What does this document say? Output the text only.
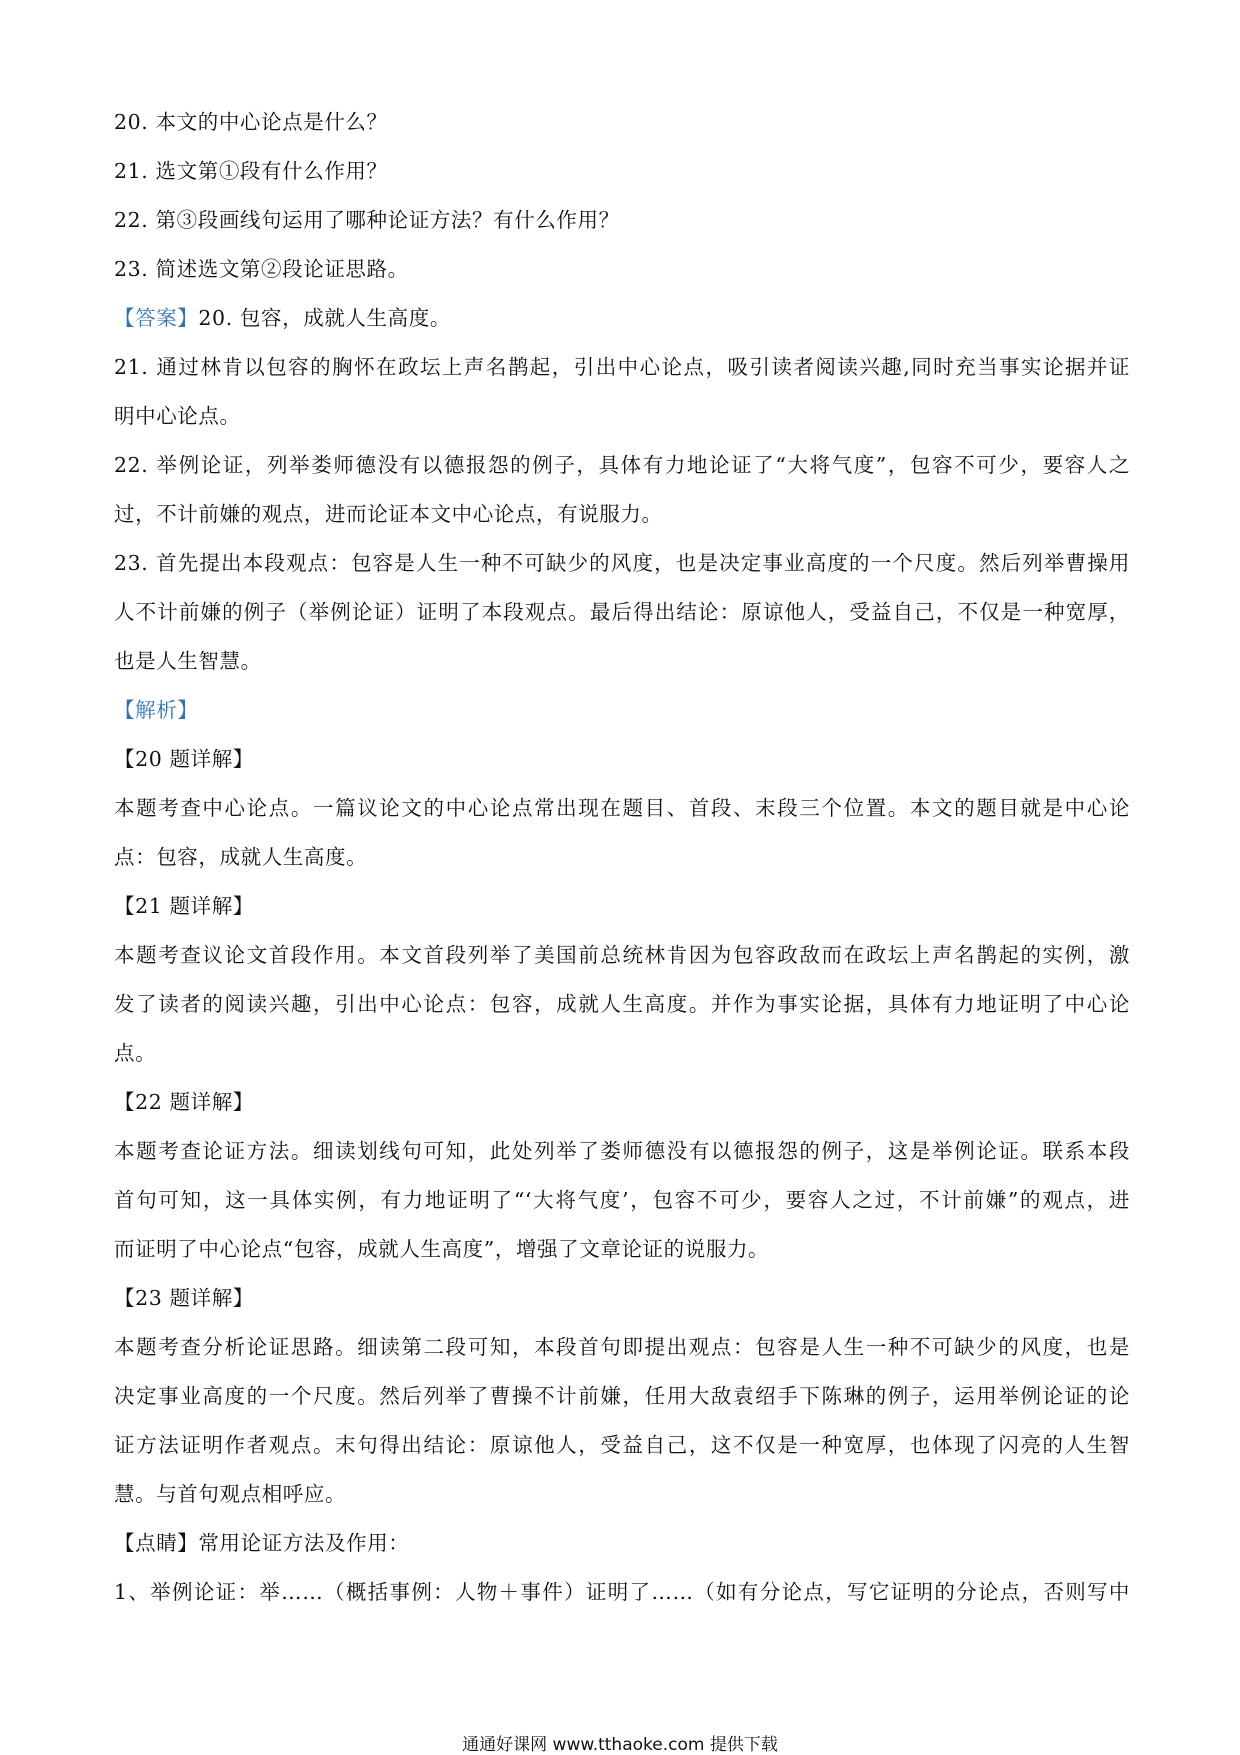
20. 本文的中心论点是什么？
21. 选文第①段有什么作用？
22. 第③段画线句运用了哪种论证方法？有什么作用？
23. 简述选文第②段论证思路。
【答案】20. 包容，成就人生高度。
21. 通过林肯以包容的胸怀在政坛上声名鹊起，引出中心论点，吸引读者阅读兴趣,同时充当事实论据并证
明中心论点。
22. 举例论证，列举娄师德没有以德报怨的例子，具体有力地论证了“大将气度”，包容不可少，要容人之
过，不计前嫌的观点，进而论证本文中心论点，有说服力。
23. 首先提出本段观点：包容是人生一种不可缺少的风度，也是决定事业高度的一个尺度。然后列举曹操用
人不计前嫌的例子（举例论证）证明了本段观点。最后得出结论：原谅他人，受益自己，不仅是一种宽厚，
也是人生智慧。
【解析】
【20 题详解】
本题考查中心论点。一篇议论文的中心论点常出现在题目、首段、末段三个位置。本文的题目就是中心论
点：包容，成就人生高度。
【21 题详解】
本题考查议论文首段作用。本文首段列举了美国前总统林肯因为包容政敌而在政坛上声名鹊起的实例，激
发了读者的阅读兴趣，引出中心论点：包容，成就人生高度。并作为事实论据，具体有力地证明了中心论
点。
【22 题详解】
本题考查论证方法。细读划线句可知，此处列举了娄师德没有以德报怨的例子，这是举例论证。联系本段
首句可知，这一具体实例，有力地证明了“‘大将气度’，包容不可少，要容人之过，不计前嫌”的观点，进
而证明了中心论点“包容，成就人生高度”，增强了文章论证的说服力。
【23 题详解】
本题考查分析论证思路。细读第二段可知，本段首句即提出观点：包容是人生一种不可缺少的风度，也是
决定事业高度的一个尺度。然后列举了曹操不计前嫌，任用大敌袁绍手下陈琳的例子，运用举例论证的论
证方法证明作者观点。末句得出结论：原谅他人，受益自己，这不仅是一种宽厚，也体现了闪亮的人生智
慧。与首句观点相呼应。
【点睛】常用论证方法及作用：
1、举例论证：举……（概括事例：人物＋事件）证明了……（如有分论点，写它证明的分论点，否则写中
通通好课网 www.tthaoke.com 提供下载
